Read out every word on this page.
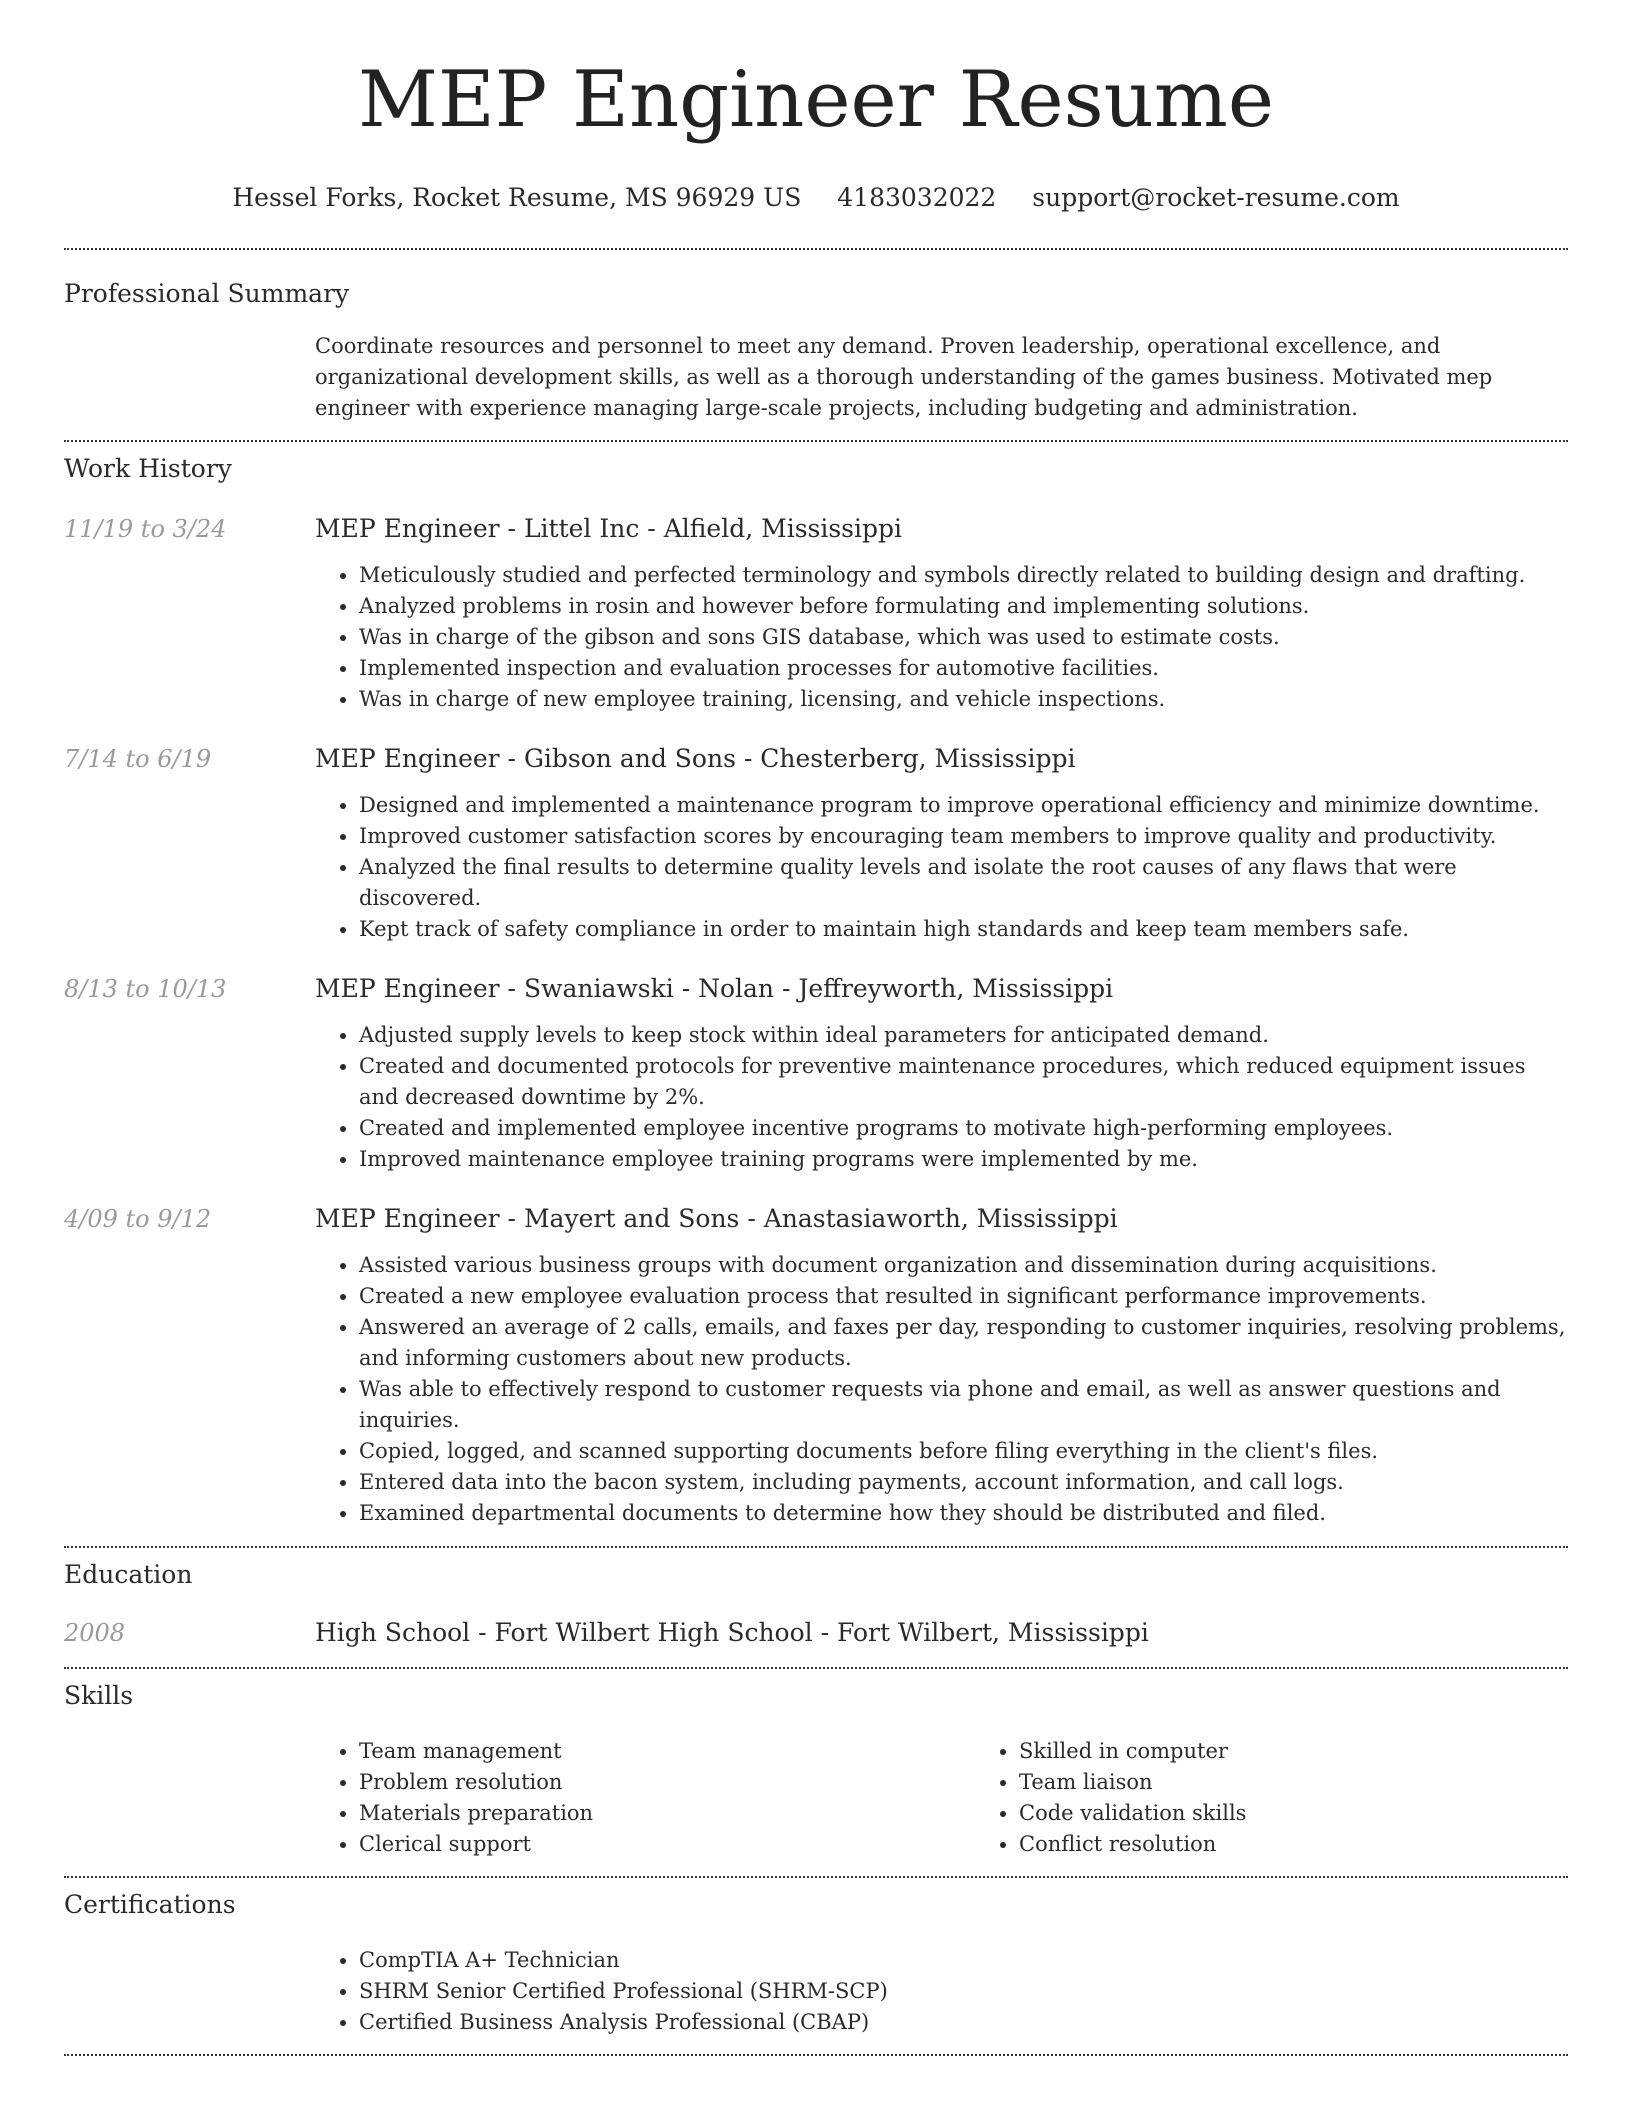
MEP Engineer Resume
Hessel Forks, Rocket Resume, MS 96929 US 4183032022 support@rocket-resume.com
Professional Summary

Coordinate resources and personnel to meet any demand. Proven leadership, operational excellence, and organizational development skills, as well as a thorough understanding of the games business. Motivated mep engineer with experience managing large-scale projects, including budgeting and administration.

Work History
11/19 to 3/24	MEP Engineer - Littel Inc - Alfield, Mississippi
• Meticulously studied and perfected terminology and symbols directly related to building design and drafting.
• Analyzed problems in rosin and however before formulating and implementing solutions.
• Was in charge of the gibson and sons GIS database, which was used to estimate costs.
• Implemented inspection and evaluation processes for automotive facilities.
• Was in charge of new employee training, licensing, and vehicle inspections.
7/14 to 6/19	MEP Engineer - Gibson and Sons - Chesterberg, Mississippi
• Designed and implemented a maintenance program to improve operational efficiency and minimize downtime.
• Improved customer satisfaction scores by encouraging team members to improve quality and productivity.
• Analyzed the final results to determine quality levels and isolate the root causes of any flaws that were discovered.
• Kept track of safety compliance in order to maintain high standards and keep team members safe.
8/13 to 10/13	MEP Engineer - Swaniawski - Nolan - Jeffreyworth, Mississippi
• Adjusted supply levels to keep stock within ideal parameters for anticipated demand.
• Created and documented protocols for preventive maintenance procedures, which reduced equipment issues and decreased downtime by 2%.
• Created and implemented employee incentive programs to motivate high-performing employees.
• Improved maintenance employee training programs were implemented by me.
4/09 to 9/12	MEP Engineer - Mayert and Sons - Anastasiaworth, Mississippi
• Assisted various business groups with document organization and dissemination during acquisitions.
• Created a new employee evaluation process that resulted in significant performance improvements.
• Answered an average of 2 calls, emails, and faxes per day, responding to customer inquiries, resolving problems, and informing customers about new products.
• Was able to effectively respond to customer requests via phone and email, as well as answer questions and inquiries.
• Copied, logged, and scanned supporting documents before filing everything in the client's files.
• Entered data into the bacon system, including payments, account information, and call logs.
• Examined departmental documents to determine how they should be distributed and filed.
Education
2008	High School - Fort Wilbert High School - Fort Wilbert, Mississippi
Skills
• Team management
• Problem resolution
• Materials preparation
• Clerical support
• Skilled in computer
• Team liaison
• Code validation skills
• Conflict resolution
Certifications
• CompTIA A+ Technician
• SHRM Senior Certified Professional (SHRM-SCP)
• Certified Business Analysis Professional (CBAP)
